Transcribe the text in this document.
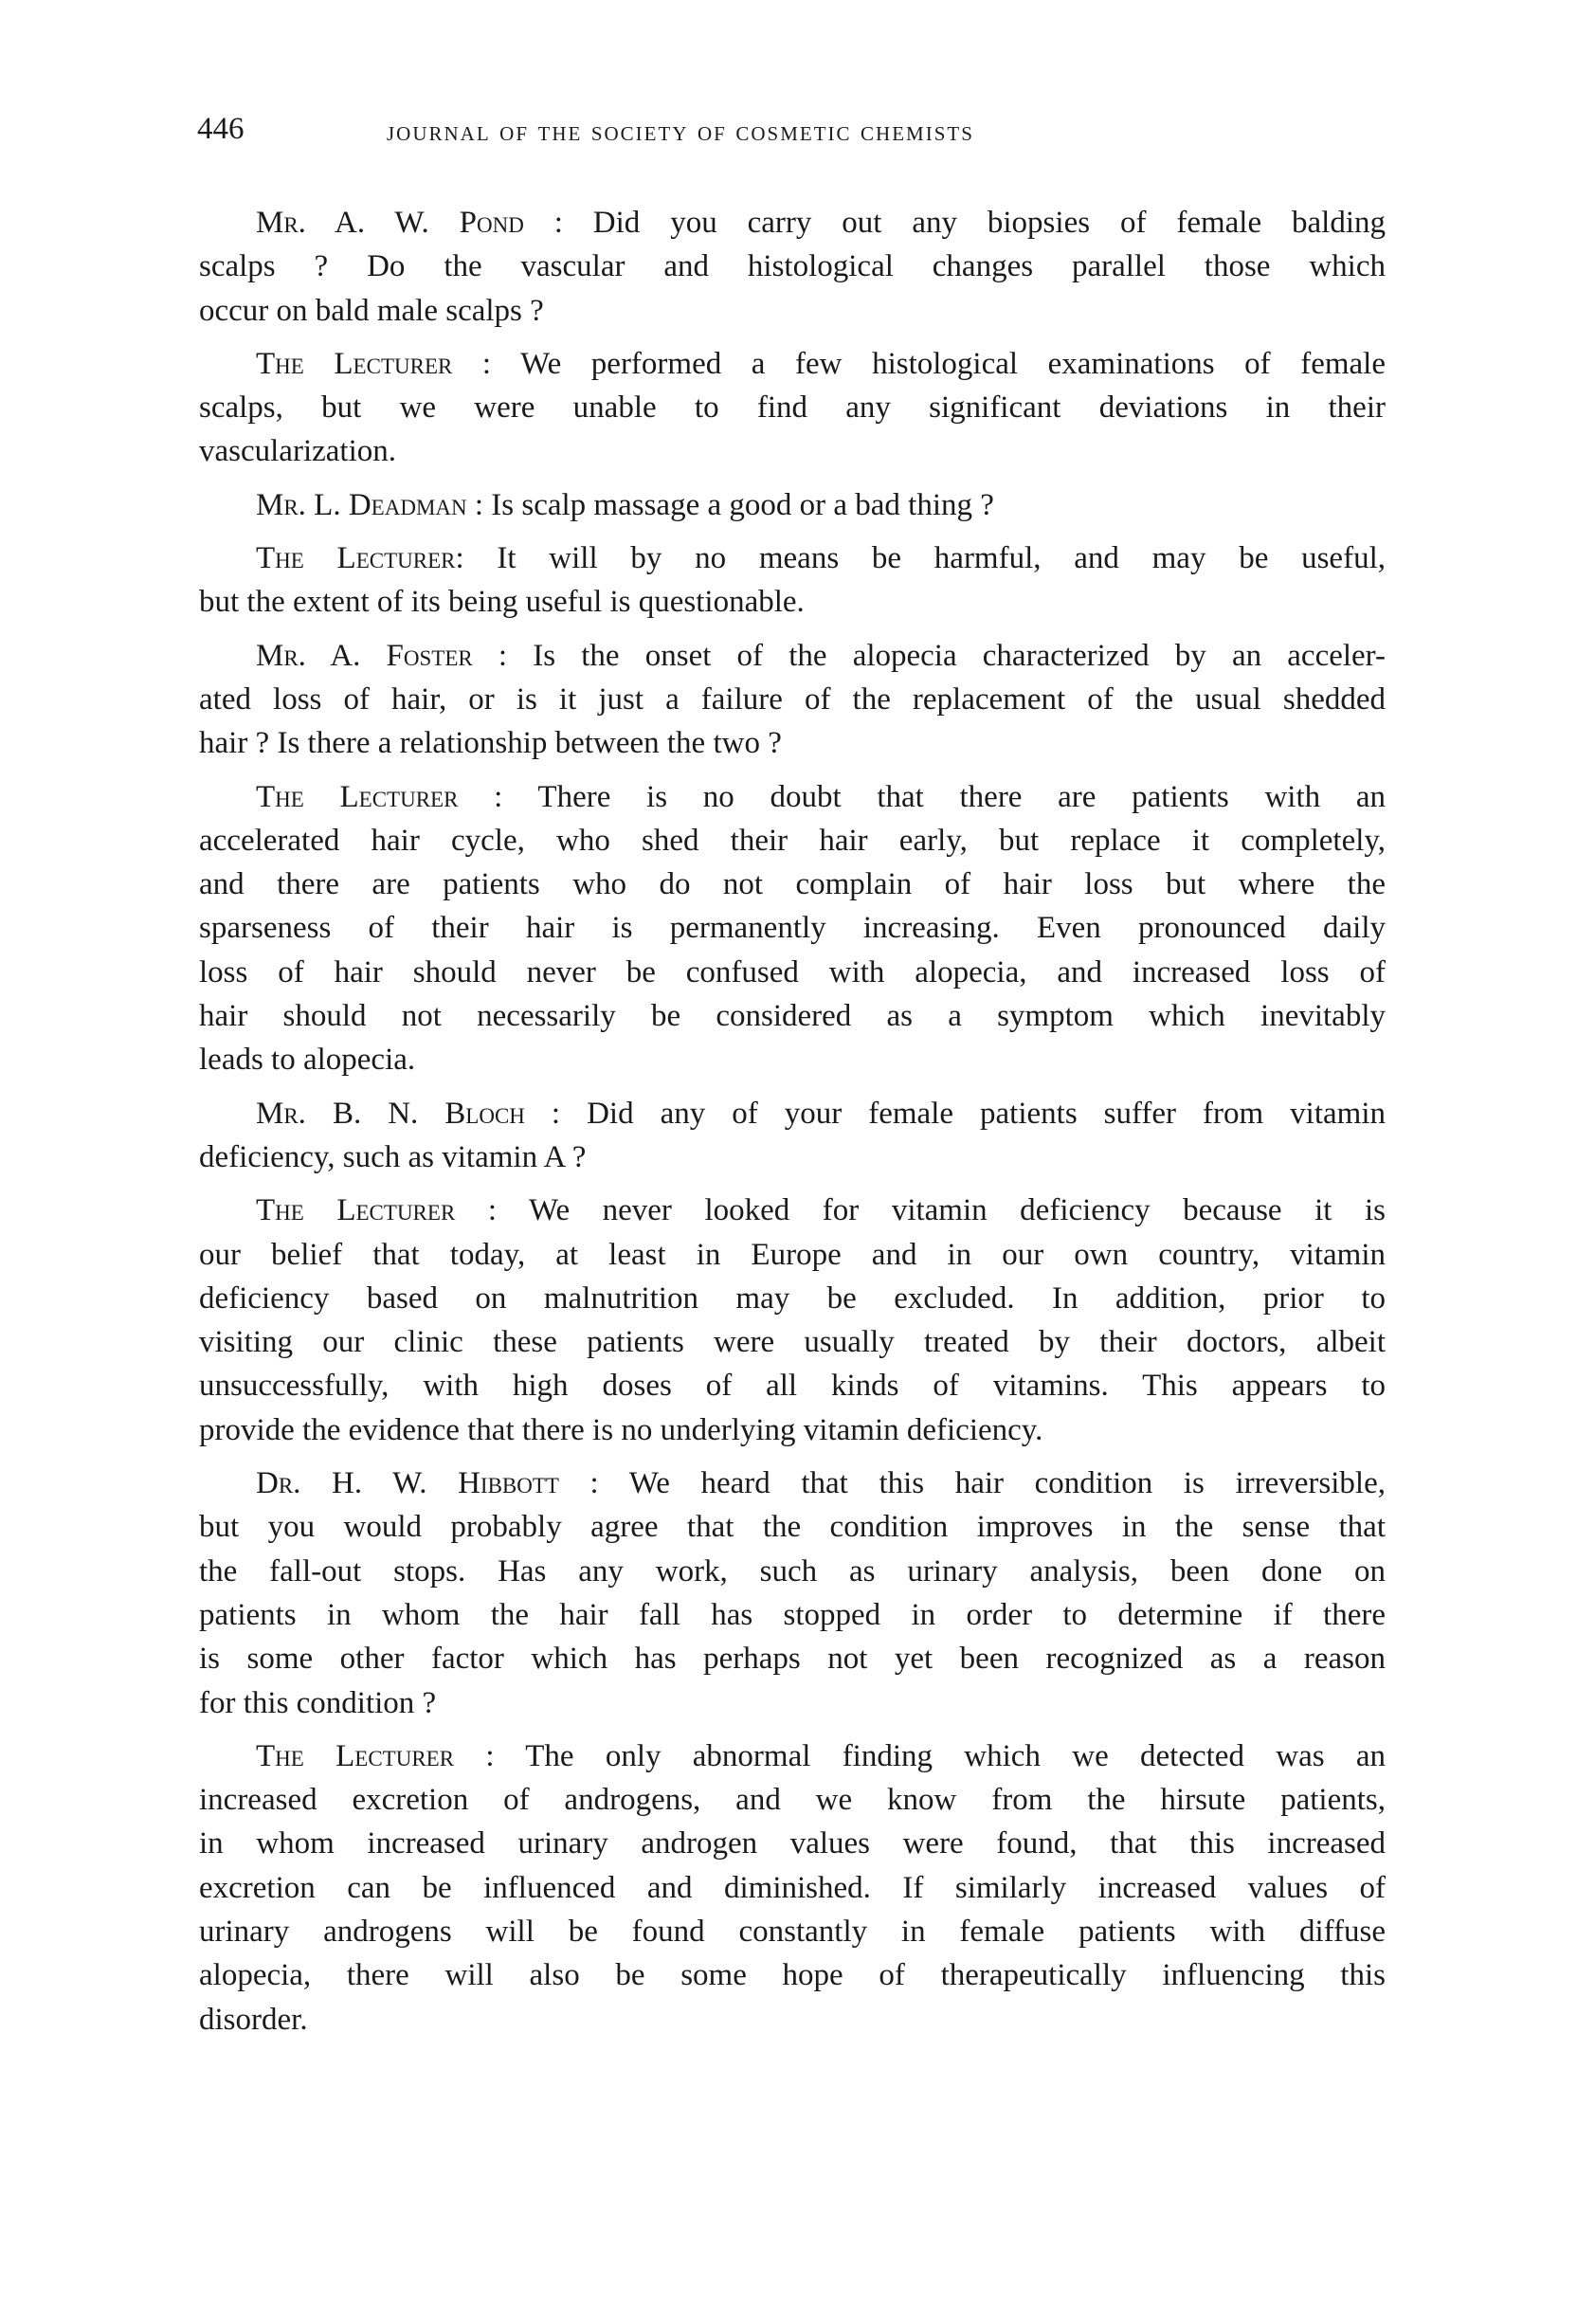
446	journal of the society of cosmetic chemists
Mr. A. W. Pond : Did you carry out any biopsies of female balding
scalps ? Do the vascular and histological changes parallel those which
occur on bald male scalps ?
The Lecturer : We performed a few histological examinations of female
scalps, but we were unable to find any significant deviations in their
vascularization.
Mr. L. Deadman : Is scalp massage a good or a bad thing ?
The Lecturer: It will by no means be harmful, and may be useful,
but the extent of its being useful is questionable.
Mr. A. Foster : Is the onset of the alopecia characterized by an acceler-
ated loss of hair, or is it just a failure of the replacement of the usual shedded
hair ? Is there a relationship between the two ?
The Lecturer : There is no doubt that there are patients with an
accelerated hair cycle, who shed their hair early, but replace it completely,
and there are patients who do not complain of hair loss but where the
sparseness of their hair is permanently increasing. Even pronounced daily
loss of hair should never be confused with alopecia, and increased loss of
hair should not necessarily be considered as a symptom which inevitably
leads to alopecia.
Mr. B. N. Bloch : Did any of your female patients suffer from vitamin
deficiency, such as vitamin A ?
The Lecturer : We never looked for vitamin deficiency because it is
our belief that today, at least in Europe and in our own country, vitamin
deficiency based on malnutrition may be excluded. In addition, prior to
visiting our clinic these patients were usually treated by their doctors, albeit
unsuccessfully, with high doses of all kinds of vitamins. This appears to
provide the evidence that there is no underlying vitamin deficiency.
Dr. H. W. Hibbott : We heard that this hair condition is irreversible,
but you would probably agree that the condition improves in the sense that
the fall-out stops. Has any work, such as urinary analysis, been done on
patients in whom the hair fall has stopped in order to determine if there
is some other factor which has perhaps not yet been recognized as a reason
for this condition ?
The Lecturer : The only abnormal finding which we detected was an
increased excretion of androgens, and we know from the hirsute patients,
in whom increased urinary androgen values were found, that this increased
excretion can be influenced and diminished. If similarly increased values of
urinary androgens will be found constantly in female patients with diffuse
alopecia, there will also be some hope of therapeutically influencing this
disorder.
